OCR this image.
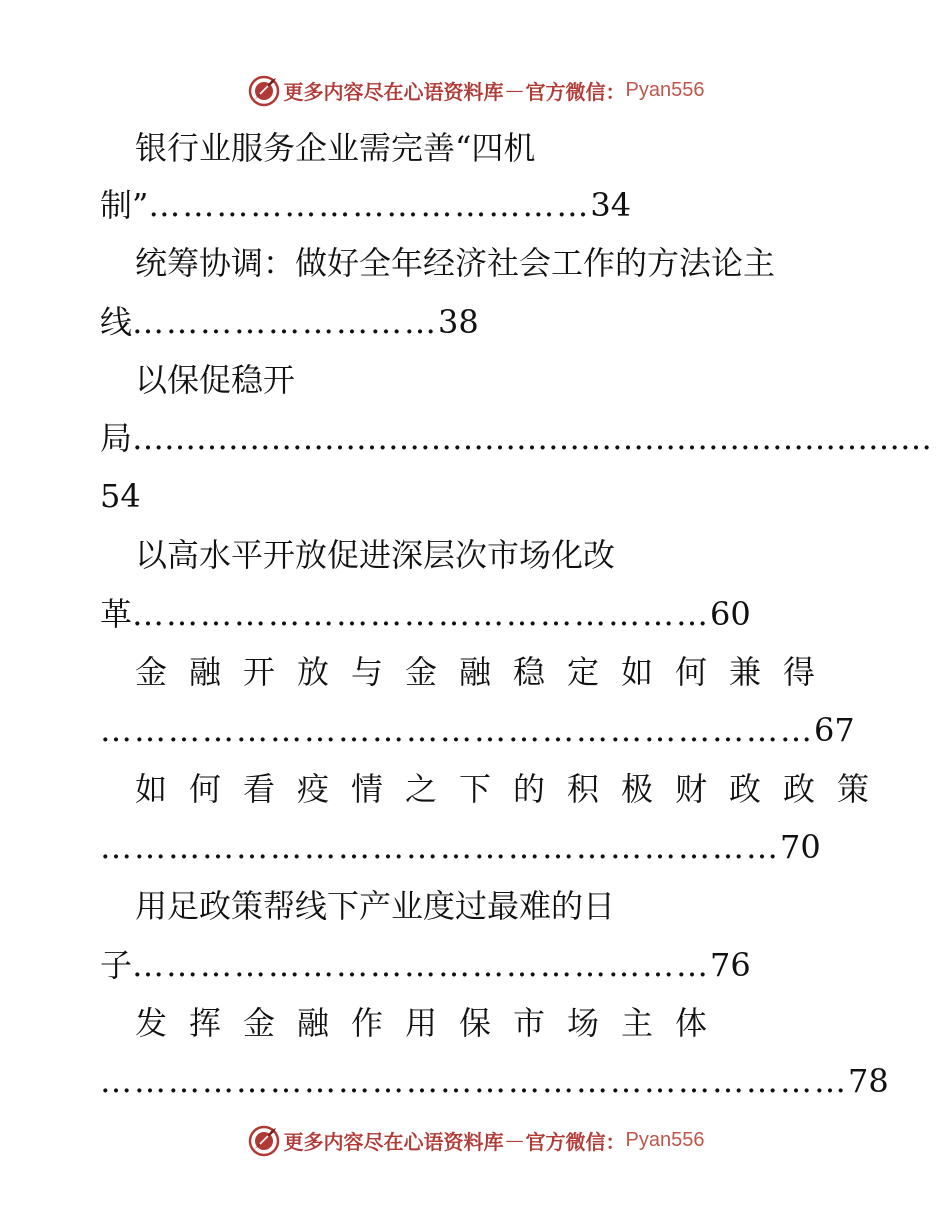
更多内容尽在心语资料库 — 官方微信： Pyan556
银行业服务企业需完善“四机
制”…………………………………34
统筹协调：做好全年经济社会工作的方法论主
线………………………38
以保促稳开
局…………………………………………………………………
54
以高水平开放促进深层次市场化改
革……………………………………………60
金融开放与金融稳定如何兼得
………………………………………………………67
如何看疫情之下的积极财政政策
……………………………………………………70
用足政策帮线下产业度过最难的日
子……………………………………………76
发挥金融作用保市场主体
…………………………………………………………78
更多内容尽在心语资料库 — 官方微信： Pyan556
